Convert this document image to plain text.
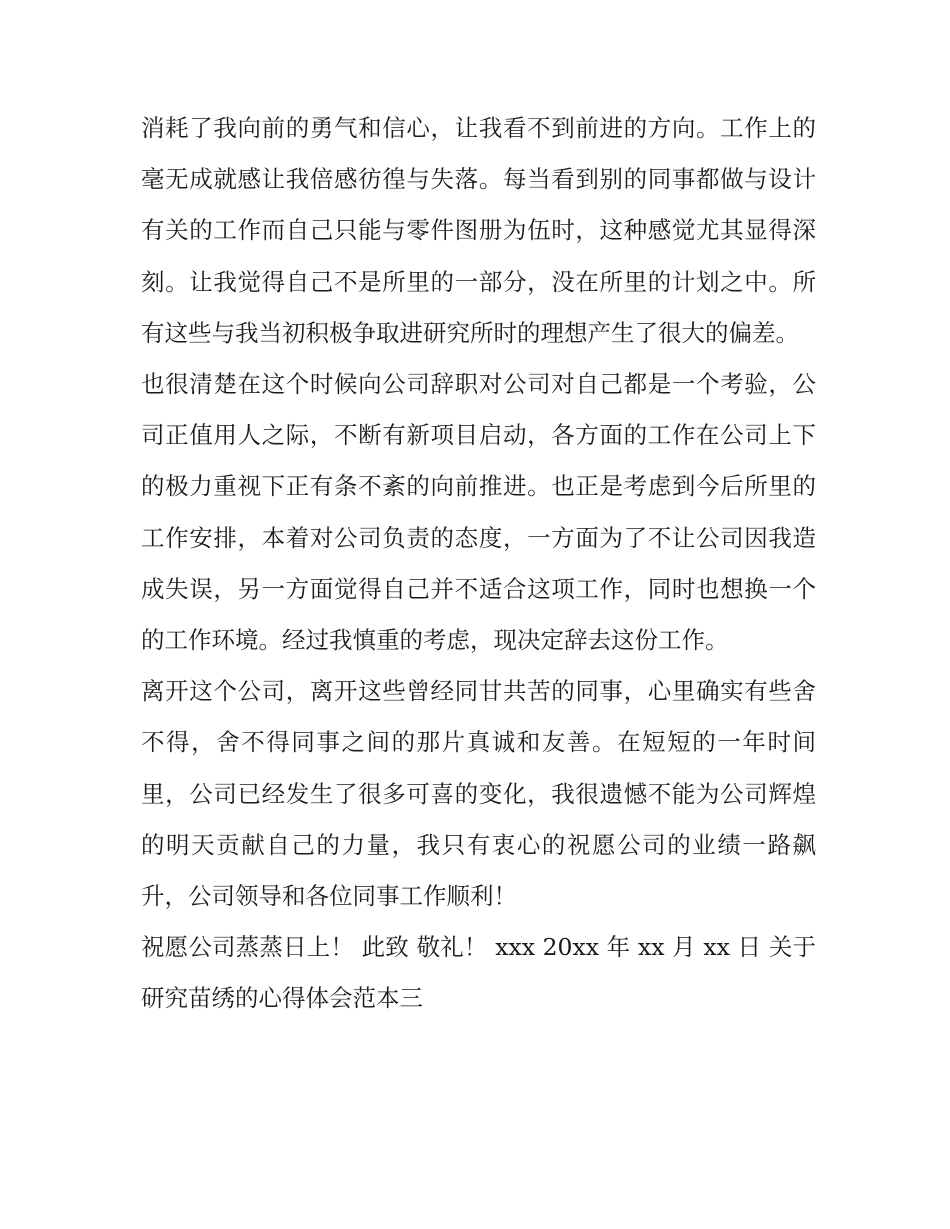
消耗了我向前的勇气和信心，让我看不到前进的方向。工作上的毫无成就感让我倍感彷徨与失落。每当看到别的同事都做与设计有关的工作而自己只能与零件图册为伍时，这种感觉尤其显得深刻。让我觉得自己不是所里的一部分，没在所里的计划之中。所有这些与我当初积极争取进研究所时的理想产生了很大的偏差。

也很清楚在这个时候向公司辞职对公司对自己都是一个考验，公司正值用人之际，不断有新项目启动，各方面的工作在公司上下的极力重视下正有条不紊的向前推进。也正是考虑到今后所里的工作安排，本着对公司负责的态度，一方面为了不让公司因我造成失误，另一方面觉得自己并不适合这项工作，同时也想换一个的工作环境。经过我慎重的考虑，现决定辞去这份工作。

离开这个公司，离开这些曾经同甘共苦的同事，心里确实有些舍不得，舍不得同事之间的那片真诚和友善。在短短的一年时间里，公司已经发生了很多可喜的变化，我很遗憾不能为公司辉煌的明天贡献自己的力量，我只有衷心的祝愿公司的业绩一路飙升，公司领导和各位同事工作顺利！

祝愿公司蒸蒸日上！ 此致 敬礼！ xxx 20xx 年 xx 月 xx 日 关于研究苗绣的心得体会范本三
